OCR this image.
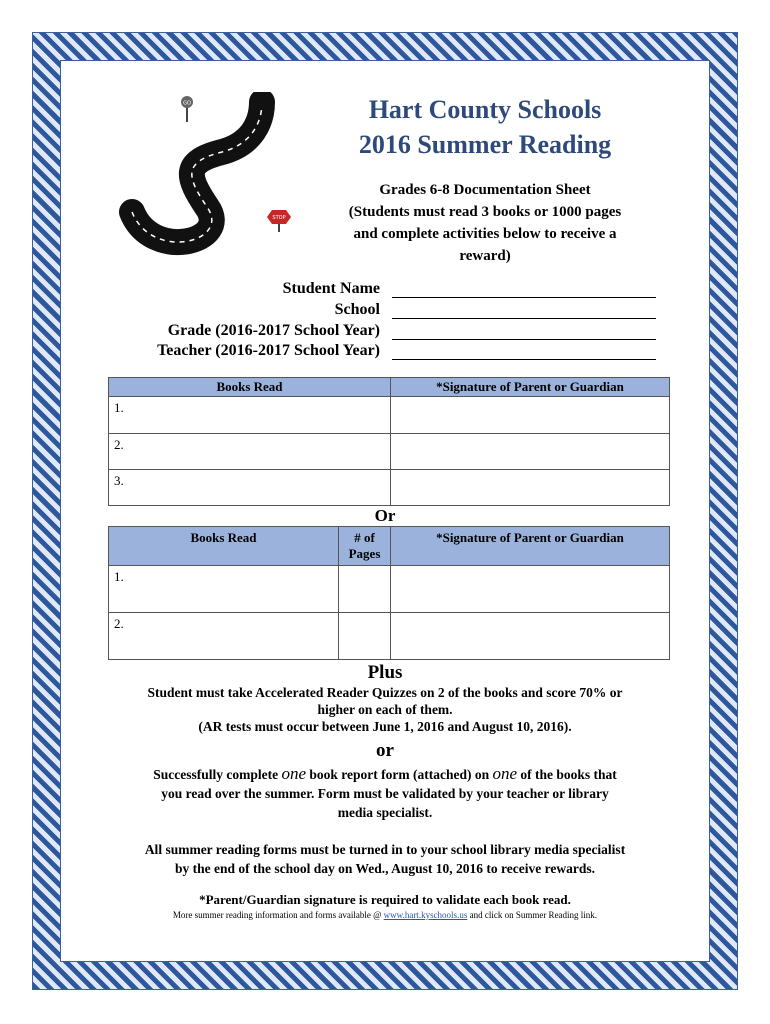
GO
STOP
Hart County Schools
2016 Summer Reading
Grades 6-8 Documentation Sheet
(Students must read 3 books or 1000 pages
and complete activities below to receive a
reward)
Student Name
School
Grade (2016-2017 School Year)
Teacher (2016-2017 School Year)
Books Read	*Signature of Parent or Guardian
1.	
2.	
3.	
Or
Books Read	# of Pages	*Signature of Parent or Guardian
1.		
2.		
Plus
Student must take Accelerated Reader Quizzes on 2 of the books and score 70% or
higher on each of them.
(AR tests must occur between June 1, 2016 and August 10, 2016).
or
Successfully complete one book report form (attached) on one of the books that
you read over the summer. Form must be validated by your teacher or library
media specialist.
All summer reading forms must be turned in to your school library media specialist
by the end of the school day on Wed., August 10, 2016 to receive rewards.
*Parent/Guardian signature is required to validate each book read.
More summer reading information and forms available @ www.hart.kyschools.us and click on Summer Reading link.
